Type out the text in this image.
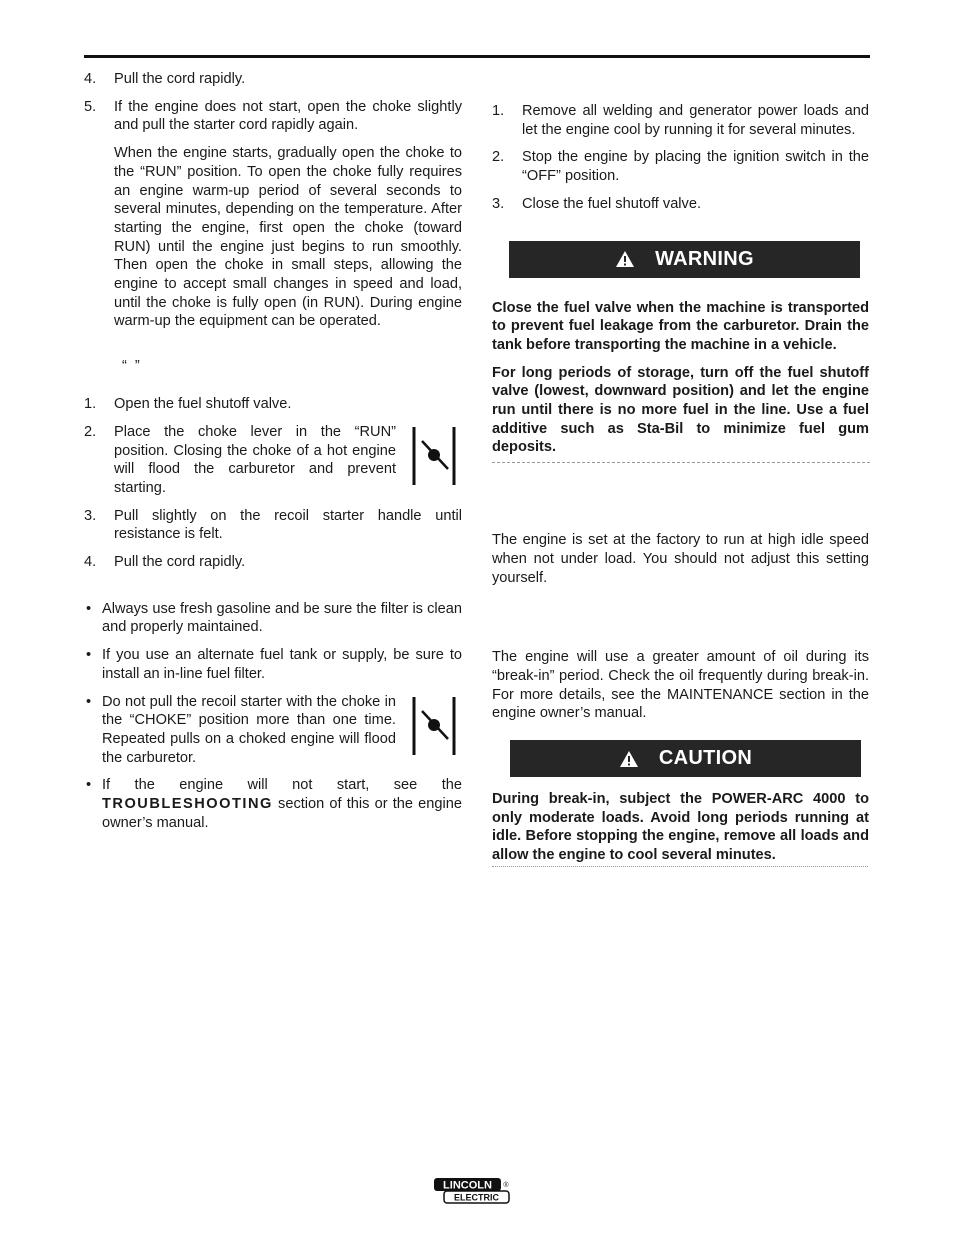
4. Pull the cord rapidly.
5. If the engine does not start, open the choke slightly and pull the starter cord rapidly again.

When the engine starts, gradually open the choke to the “RUN” position. To open the choke fully requires an engine warm-up period of several seconds to several minutes, depending on the temperature. After starting the engine, first open the choke (toward RUN) until the engine just begins to run smoothly. Then open the choke in small steps, allowing the engine to accept small changes in speed and load, until the choke is fully open (in RUN). During engine warm-up the equipment can be operated.

“ ”
1. Open the fuel shutoff valve.
2. Place the choke lever in the “RUN” position. Closing the choke of a hot engine will flood the carburetor and prevent starting.
3. Pull slightly on the recoil starter handle until resistance is felt.
4. Pull the cord rapidly.
• Always use fresh gasoline and be sure the filter is clean and properly maintained.
• If you use an alternate fuel tank or supply, be sure to install an in-line fuel filter.
• Do not pull the recoil starter with the choke in the “CHOKE” position more than one time. Repeated pulls on a choked engine will flood the carburetor.
• If the engine will not start, see the TROUBLESHOOTING section of this or the engine owner’s manual.
1. Remove all welding and generator power loads and let the engine cool by running it for several minutes.
2. Stop the engine by placing the ignition switch in the “OFF” position.
3. Close the fuel shutoff valve.
WARNING

Close the fuel valve when the machine is transported to prevent fuel leakage from the carburetor. Drain the tank before transporting the machine in a vehicle.

For long periods of storage, turn off the fuel shutoff valve (lowest, downward position) and let the engine run until there is no more fuel in the line. Use a fuel additive such as Sta-Bil to minimize fuel gum deposits.

The engine is set at the factory to run at high idle speed when not under load. You should not adjust this setting yourself.

The engine will use a greater amount of oil during its “break-in” period. Check the oil frequently during break-in. For more details, see the MAINTENANCE section in the engine owner’s manual.

CAUTION

During break-in, subject the POWER-ARC 4000 to only moderate loads. Avoid long periods running at idle. Before stopping the engine, remove all loads and allow the engine to cool several minutes.

LINCOLN
ELECTRIC
®
